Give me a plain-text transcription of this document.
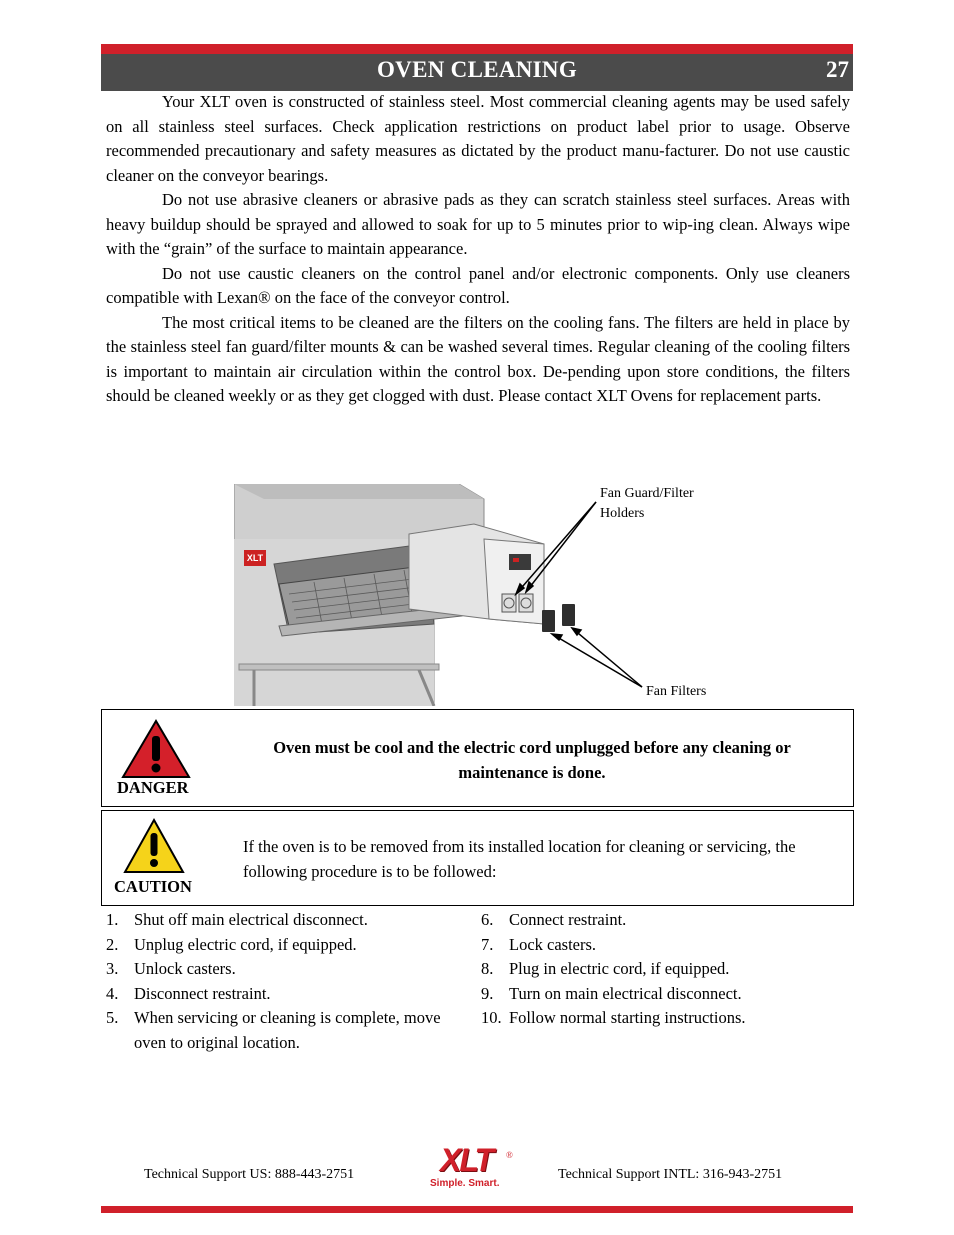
OVEN CLEANING	27

Your XLT oven is constructed of stainless steel. Most commercial cleaning agents may be used safely on all stainless steel surfaces. Check application restrictions on product label prior to usage. Observe recommended precautionary and safety measures as dictated by the product manu-facturer. Do not use caustic cleaner on the conveyor bearings.

Do not use abrasive cleaners or abrasive pads as they can scratch stainless steel surfaces. Areas with heavy buildup should be sprayed and allowed to soak for up to 5 minutes prior to wip-ing clean. Always wipe with the “grain” of the surface to maintain appearance.

Do not use caustic cleaners on the control panel and/or electronic components. Only use cleaners compatible with Lexan® on the face of the conveyor control.

The most critical items to be cleaned are the filters on the cooling fans. The filters are held in place by the stainless steel fan guard/filter mounts & can be washed several times. Regular cleaning of the cooling filters is important to maintain air circulation within the control box. De-pending upon store conditions, the filters should be cleaned weekly or as they get clogged with dust. Please contact XLT Ovens for replacement parts.

XLT
Fan Guard/Filter
Holders
Fan Filters
DANGER
Oven must be cool and the electric cord unplugged before any cleaning or maintenance is done.
CAUTION
If the oven is to be removed from its installed location for cleaning or servicing, the following procedure is to be followed:
1. Shut off main electrical disconnect.
2. Unplug electric cord, if equipped.
3. Unlock casters.
4. Disconnect restraint.
5. When servicing or cleaning is complete, move oven to original location.
6. Connect restraint.
7. Lock casters.
8. Plug in electric cord, if equipped.
9. Turn on main electrical disconnect.
10. Follow normal starting instructions.
Technical Support US: 888-443-2751	XLT ®
Simple. Smart.
Technical Support INTL: 316-943-2751
